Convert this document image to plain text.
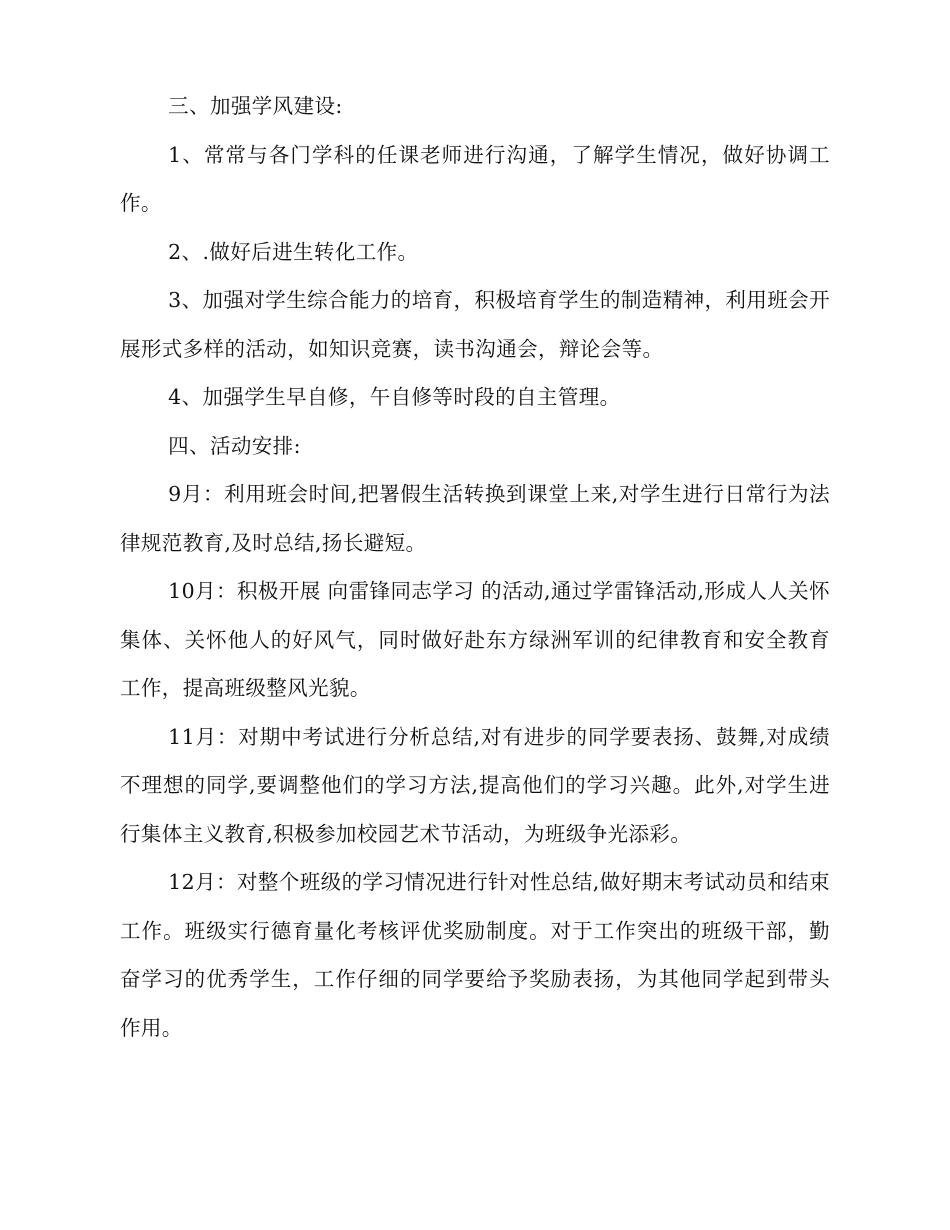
三、加强学风建设:

1、常常与各门学科的任课老师进行沟通，了解学生情况，做好协调工作。

2、.做好后进生转化工作。

3、加强对学生综合能力的培育，积极培育学生的制造精神，利用班会开展形式多样的活动，如知识竞赛，读书沟通会，辩论会等。

4、加强学生早自修，午自修等时段的自主管理。

四、活动安排:

9月：利用班会时间,把署假生活转换到课堂上来,对学生进行日常行为法律规范教育,及时总结,扬长避短。

10月：积极开展 向雷锋同志学习 的活动,通过学雷锋活动,形成人人关怀集体、关怀他人的好风气，同时做好赴东方绿洲军训的纪律教育和安全教育工作，提高班级整风光貌。

11月：对期中考试进行分析总结,对有进步的同学要表扬、鼓舞,对成绩不理想的同学,要调整他们的学习方法,提高他们的学习兴趣。此外,对学生进行集体主义教育,积极参加校园艺术节活动，为班级争光添彩。

12月：对整个班级的学习情况进行针对性总结,做好期末考试动员和结束工作。班级实行德育量化考核评优奖励制度。对于工作突出的班级干部，勤奋学习的优秀学生，工作仔细的同学要给予奖励表扬，为其他同学起到带头作用。
